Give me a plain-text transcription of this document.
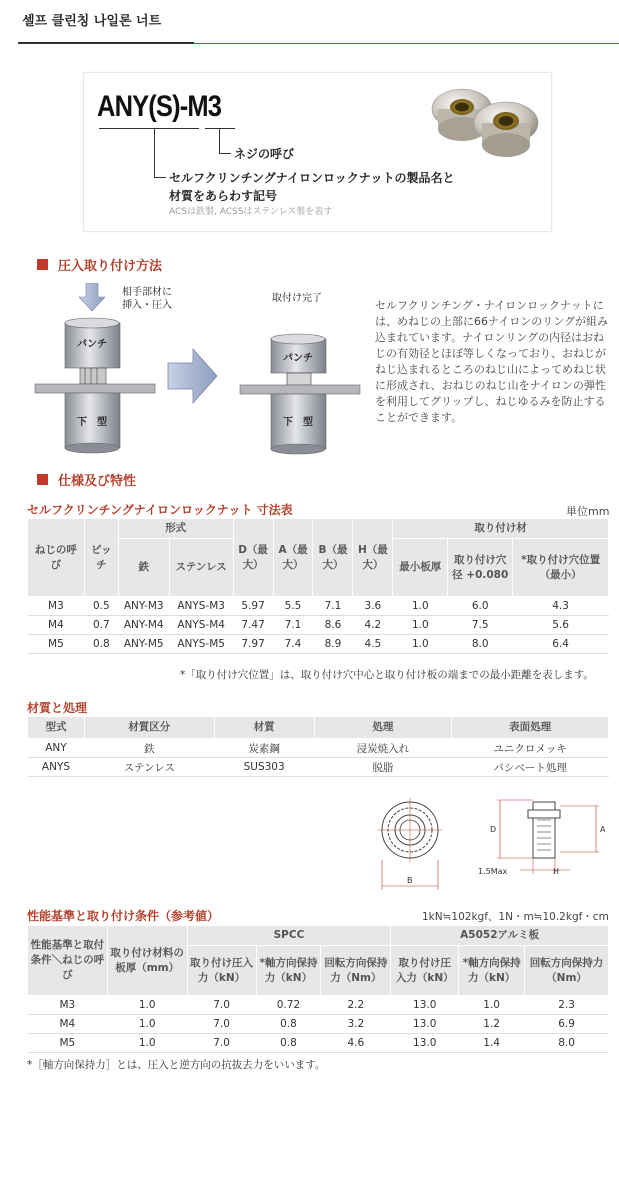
셀프 클린칭 나일론 너트
ANY(S)-M3
ネジの呼び
セルフクリンチングナイロンロックナットの製品名と
材質をあらわす記号
ACSは鉄製, ACSSはステンレス製を表す
圧入取り付け方法
相手部材に
挿入・圧入
パンチ
下　型
取付け完了
パンチ
下　型
セルフクリンチング・ナイロンロックナットには、めねじの上部に66ナイロンのリングが組み込まれています。ナイロンリングの内径はおねじの有効径とほぼ等しくなっており、おねじがねじ込まれるところのねじ山によってめねじ状に形成され、おねじのねじ山をナイロンの弾性を利用してグリップし、ねじゆるみを防止することができます。
仕様及び特性
セルフクリンチングナイロンロックナット 寸法表	単位mm
ねじの呼び	ピッチ	形式		D（最大）	A（最大）	B（最大）	H（最大）	取り付け材		
		鉄	ステンレス					最小板厚	取り付け穴径 +0.080	*取り付け穴位置（最小）
M3	0.5	ANY-M3	ANYS-M3	5.97	5.5	7.1	3.6	1.0	6.0	4.3
M4	0.7	ANY-M4	ANYS-M4	7.47	7.1	8.6	4.2	1.0	7.5	5.6
M5	0.8	ANY-M5	ANYS-M5	7.97	7.4	8.9	4.5	1.0	8.0	6.4
*「取り付け穴位置」は、取り付け穴中心と取り付け板の端までの最小距離を表します。
材質と処理
型式	材質区分	材質	処理	表面処理
ANY	鉄	炭素鋼	浸炭焼入れ	ユニクロメッキ
ANYS	ステンレス	SUS303	脱脂	パシベート処理
B
D	A
H
1.5Max
性能基準と取り付け条件（参考値）	1kN≒102kgf、1N・m≒10.2kgf・cm
性能基準と取付条件＼ねじの呼び	取り付け材料の板厚（mm）	SPCC			A5052アルミ板		
		取り付け圧入力（kN）	*軸方向保持力（kN）	回転方向保持力（Nm）	取り付け圧入力（kN）	*軸方向保持力（kN）	回転方向保持力（Nm）
M3	1.0	7.0	0.72	2.2	13.0	1.0	2.3
M4	1.0	7.0	0.8	3.2	13.0	1.2	6.9
M5	1.0	7.0	0.8	4.6	13.0	1.4	8.0
*［軸方向保持力］とは、圧入と逆方向の抗抜去力をいいます。
